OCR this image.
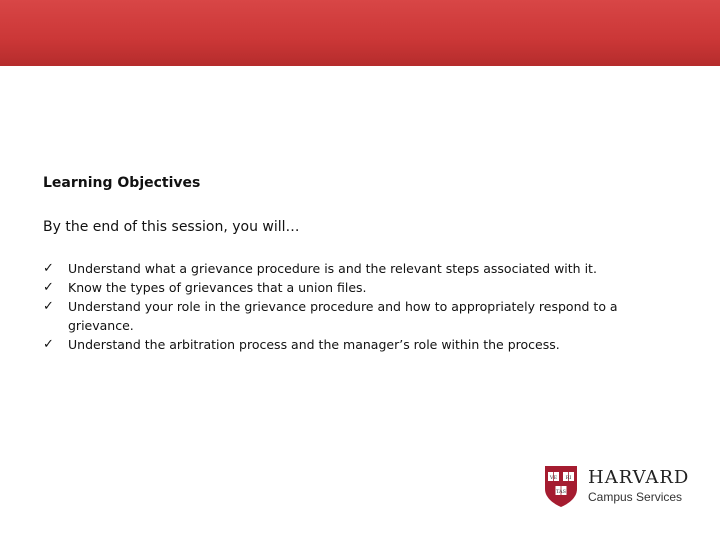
Learning Objectives
By the end of this session, you will…
✓ Understand what a grievance procedure is and the relevant steps associated with it.
✓ Know the types of grievances that a union files.
✓ Understand your role in the grievance procedure and how to appropriately respond to a grievance.
✓ Understand the arbitration process and the manager’s role within the process.
VE RI
TAS
HARVARD
Campus Services
